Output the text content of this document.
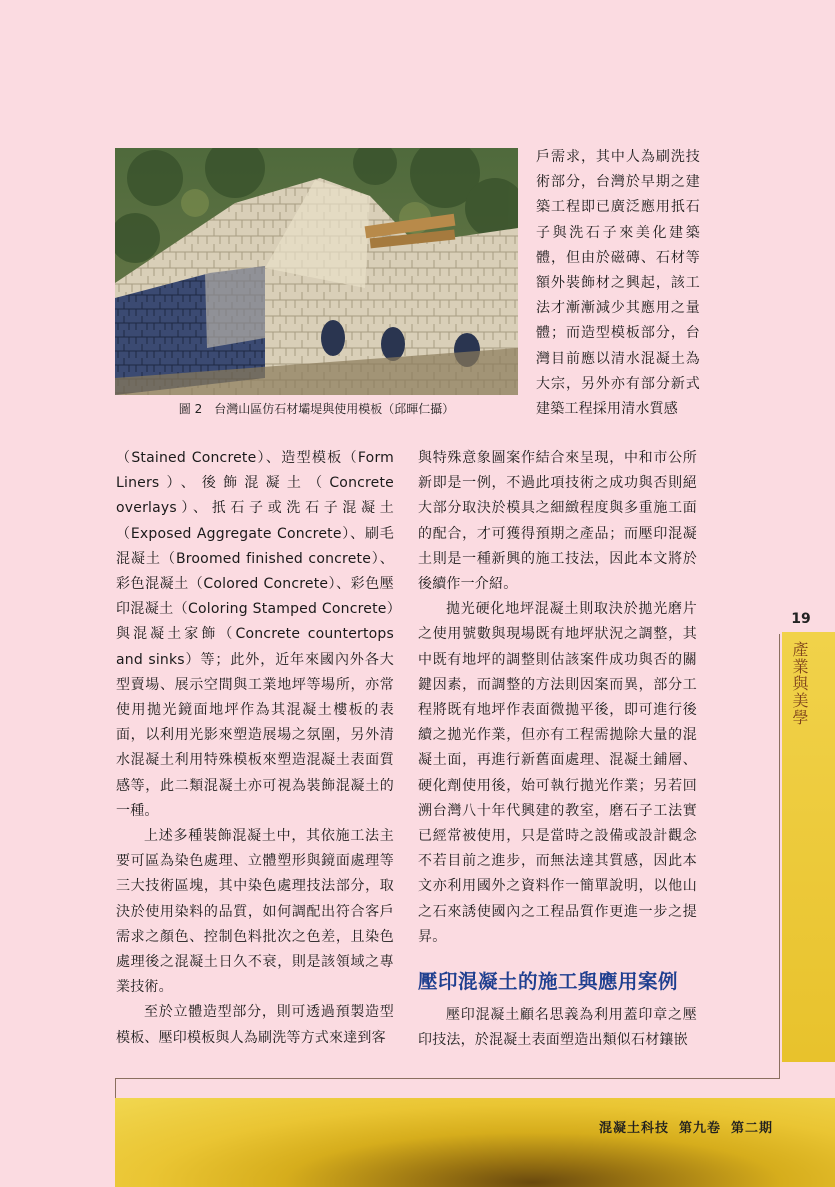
圖 2　台灣山區仿石材壩堤與使用模板（邱暉仁攝）

戶需求，其中人為刷洗技術部分，台灣於早期之建築工程即已廣泛應用扺石子與洗石子來美化建築體，但由於磁磚、石材等額外裝飾材之興起，該工法才漸漸減少其應用之量體；而造型模板部分，台灣目前應以清水混凝土為大宗，另外亦有部分新式建築工程採用清水質感

（Stained Concrete）、造型模板（Form Liners）、後飾混凝土（Concrete overlays）、扺石子或洗石子混凝土（Exposed Aggregate Concrete）、刷毛混凝土（Broomed finished concrete）、彩色混凝土（Colored Concrete）、彩色壓印混凝土（Coloring Stamped Concrete）與混凝土家飾（Concrete countertops and sinks）等；此外，近年來國內外各大型賣場、展示空間與工業地坪等場所，亦常使用拋光鏡面地坪作為其混凝土樓板的表面，以利用光影來塑造展場之氛圍，另外清水混凝土利用特殊模板來塑造混凝土表面質感等，此二類混凝土亦可視為裝飾混凝土的一種。

上述多種裝飾混凝土中，其依施工法主要可區為染色處理、立體塑形與鏡面處理等三大技術區塊，其中染色處理技法部分，取決於使用染料的品質，如何調配出符合客戶需求之顏色、控制色料批次之色差，且染色處理後之混凝土日久不衰，則是該領域之專業技術。

至於立體造型部分，則可透過預製造型模板、壓印模板與人為刷洗等方式來達到客

與特殊意象圖案作結合來呈現，中和市公所新即是一例，不過此項技術之成功與否則絕大部分取決於模具之細緻程度與多重施工面的配合，才可獲得預期之產品；而壓印混凝土則是一種新興的施工技法，因此本文將於後續作一介紹。

拋光硬化地坪混凝土則取決於拋光磨片之使用號數與現場既有地坪狀況之調整，其中既有地坪的調整則估該案件成功與否的關鍵因素，而調整的方法則因案而異，部分工程將既有地坪作表面微拋平後，即可進行後續之拋光作業，但亦有工程需拋除大量的混凝土面，再進行新舊面處理、混凝土鋪層、硬化劑使用後，始可執行拋光作業；另若回溯台灣八十年代興建的教室，磨石子工法實已經常被使用，只是當時之設備或設計觀念不若目前之進步，而無法達其質感，因此本文亦利用國外之資料作一簡單說明，以他山之石來誘使國內之工程品質作更進一步之提昇。

壓印混凝土的施工與應用案例

壓印混凝土顧名思義為利用蓋印章之壓印技法，於混凝土表面塑造出類似石材鑲嵌

19
產業與美學
混凝土科技 第九卷 第二期
